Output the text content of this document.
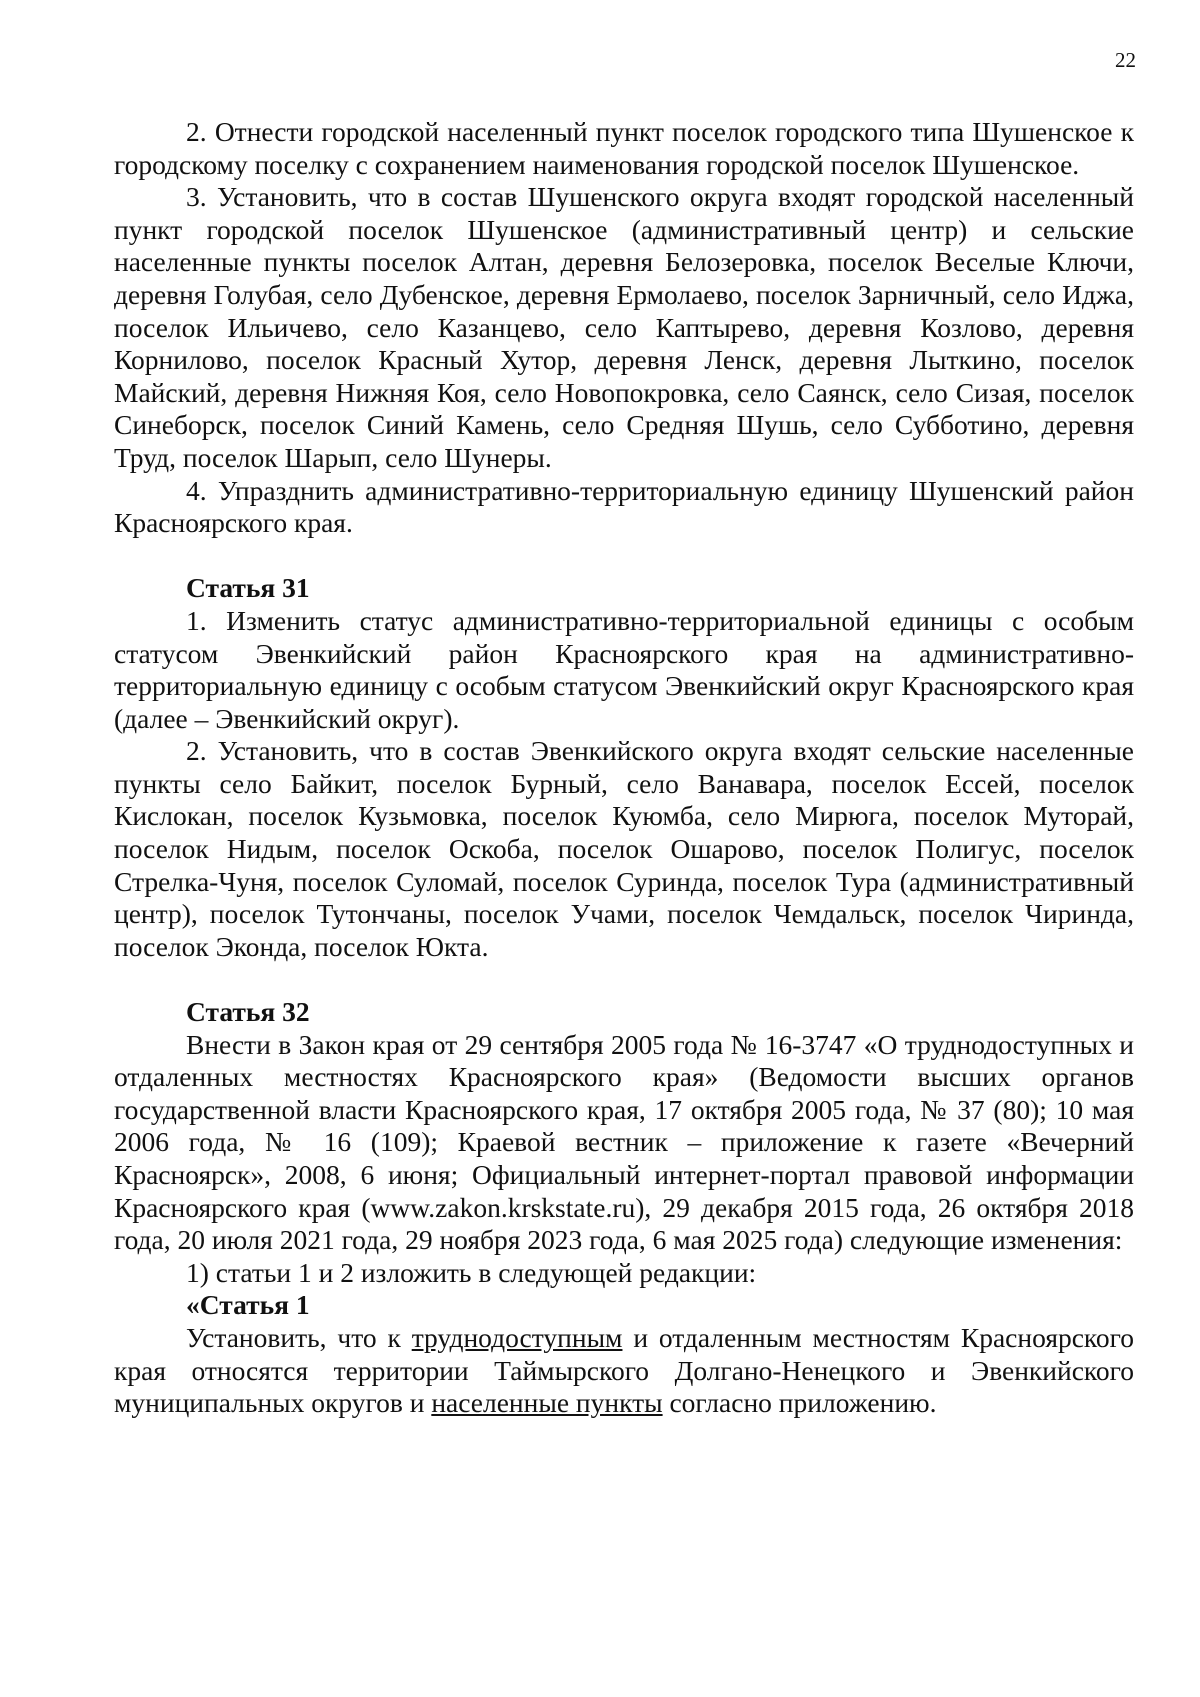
22

2. Отнести городской населенный пункт поселок городского типа Шушенское к городскому поселку с сохранением наименования городской поселок Шушенское.

3. Установить, что в состав Шушенского округа входят городской населенный пункт городской поселок Шушенское (административный центр) и сельские населенные пункты поселок Алтан, деревня Белозеровка, поселок Веселые Ключи, деревня Голубая, село Дубенское, деревня Ермолаево, поселок Зарничный, село Иджа, поселок Ильичево, село Казанцево, село Каптырево, деревня Козлово, деревня Корнилово, поселок Красный Хутор, деревня Ленск, деревня Лыткино, поселок Майский, деревня Нижняя Коя, село Новопокровка, село Саянск, село Сизая, поселок Синеборск, поселок Синий Камень, село Средняя Шушь, село Субботино, деревня Труд, поселок Шарып, село Шунеры.

4. Упразднить административно-территориальную единицу Шушенский район Красноярского края.

Статья 31

1. Изменить статус административно-территориальной единицы с особым статусом Эвенкийский район Красноярского края на административно-территориальную единицу с особым статусом Эвенкийский округ Красноярского края (далее – Эвенкийский округ).

2. Установить, что в состав Эвенкийского округа входят сельские населенные пункты село Байкит, поселок Бурный, село Ванавара, поселок Ессей, поселок Кислокан, поселок Кузьмовка, поселок Куюмба, село Мирюга, поселок Муторай, поселок Нидым, поселок Оскоба, поселок Ошарово, поселок Полигус, поселок Стрелка-Чуня, поселок Суломай, поселок Суринда, поселок Тура (административный центр), поселок Тутончаны, поселок Учами, поселок Чемдальск, поселок Чиринда, поселок Эконда, поселок Юкта.

Статья 32

Внести в Закон края от 29 сентября 2005 года № 16-3747 «О труднодоступных и отдаленных местностях Красноярского края» (Ведомости высших органов государственной власти Красноярского края, 17 октября 2005 года, № 37 (80); 10 мая 2006 года, № 16 (109); Краевой вестник – приложение к газете «Вечерний Красноярск», 2008, 6 июня; Официальный интернет-портал правовой информации Красноярского края (www.zakon.krskstate.ru), 29 декабря 2015 года, 26 октября 2018 года, 20 июля 2021 года, 29 ноября 2023 года, 6 мая 2025 года) следующие изменения:

1) статьи 1 и 2 изложить в следующей редакции:

«Статья 1

Установить, что к труднодоступным и отдаленным местностям Красноярского края относятся территории Таймырского Долгано-Ненецкого и Эвенкийского муниципальных округов и населенные пункты согласно приложению.
